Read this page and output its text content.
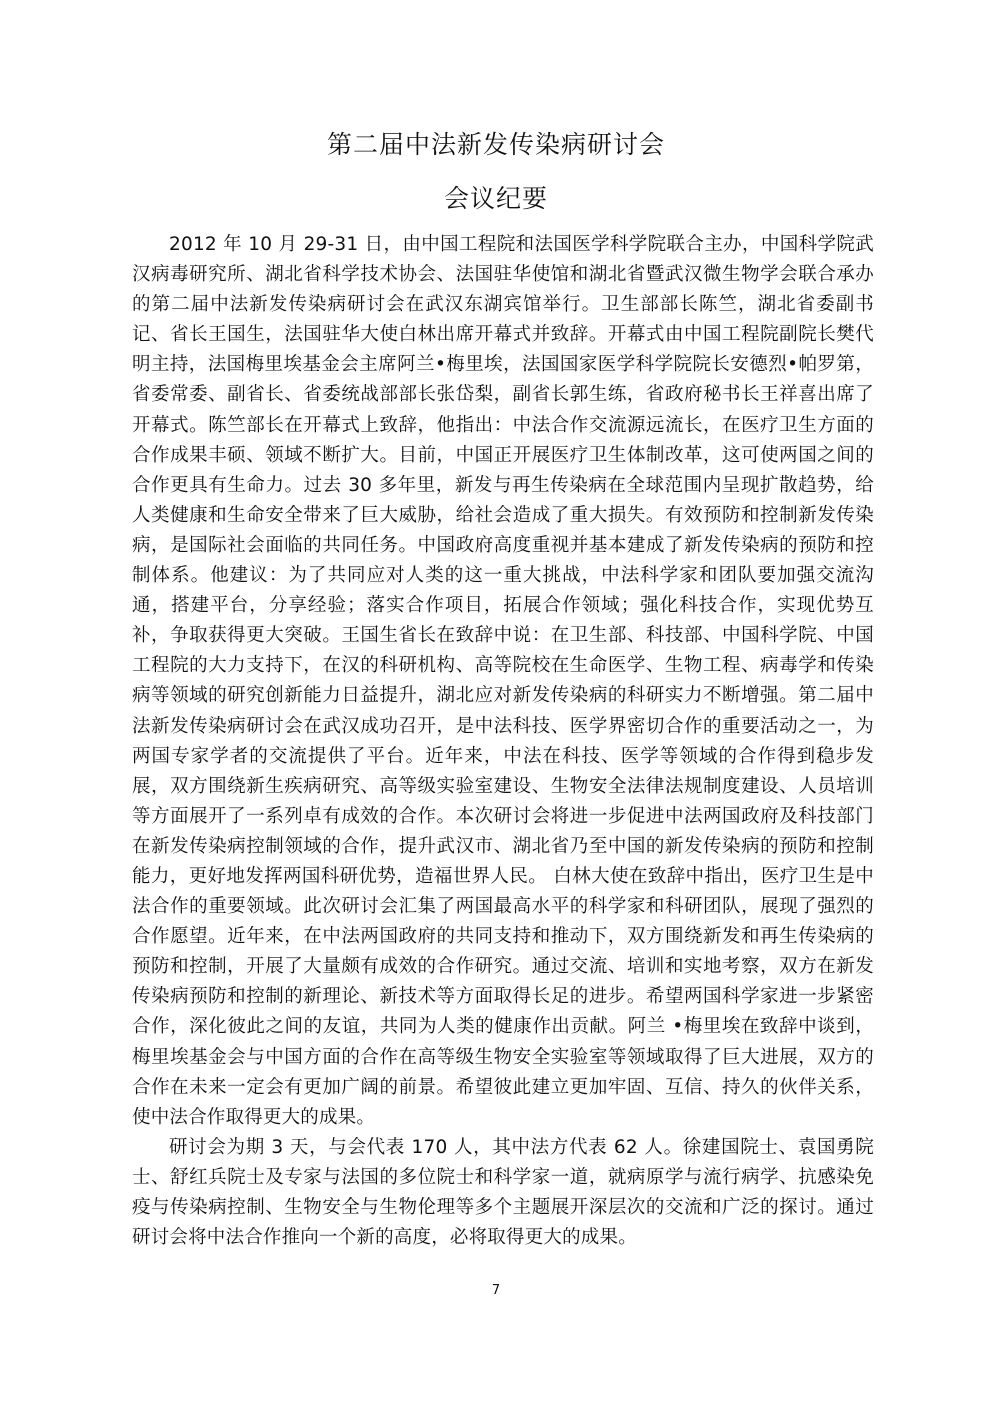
第二届中法新发传染病研讨会
会议纪要

2012 年 10 月 29-31 日，由中国工程院和法国医学科学院联合主办，中国科学院武汉病毒研究所、湖北省科学技术协会、法国驻华使馆和湖北省暨武汉微生物学会联合承办的第二届中法新发传染病研讨会在武汉东湖宾馆举行。卫生部部长陈竺，湖北省委副书记、省长王国生，法国驻华大使白林出席开幕式并致辞。开幕式由中国工程院副院长樊代明主持，法国梅里埃基金会主席阿兰•梅里埃，法国国家医学科学院院长安德烈•帕罗第，省委常委、副省长、省委统战部部长张岱梨，副省长郭生练，省政府秘书长王祥喜出席了开幕式。陈竺部长在开幕式上致辞，他指出：中法合作交流源远流长，在医疗卫生方面的合作成果丰硕、领域不断扩大。目前，中国正开展医疗卫生体制改革，这可使两国之间的合作更具有生命力。过去 30 多年里，新发与再生传染病在全球范围内呈现扩散趋势，给人类健康和生命安全带来了巨大威胁，给社会造成了重大损失。有效预防和控制新发传染病，是国际社会面临的共同任务。中国政府高度重视并基本建成了新发传染病的预防和控制体系。他建议：为了共同应对人类的这一重大挑战，中法科学家和团队要加强交流沟通，搭建平台，分享经验；落实合作项目，拓展合作领域；强化科技合作，实现优势互补，争取获得更大突破。王国生省长在致辞中说：在卫生部、科技部、中国科学院、中国工程院的大力支持下，在汉的科研机构、高等院校在生命医学、生物工程、病毒学和传染病等领域的研究创新能力日益提升，湖北应对新发传染病的科研实力不断增强。第二届中法新发传染病研讨会在武汉成功召开，是中法科技、医学界密切合作的重要活动之一，为两国专家学者的交流提供了平台。近年来，中法在科技、医学等领域的合作得到稳步发展，双方围绕新生疾病研究、高等级实验室建设、生物安全法律法规制度建设、人员培训等方面展开了一系列卓有成效的合作。本次研讨会将进一步促进中法两国政府及科技部门在新发传染病控制领域的合作，提升武汉市、湖北省乃至中国的新发传染病的预防和控制能力，更好地发挥两国科研优势，造福世界人民。 白林大使在致辞中指出，医疗卫生是中法合作的重要领域。此次研讨会汇集了两国最高水平的科学家和科研团队，展现了强烈的合作愿望。近年来，在中法两国政府的共同支持和推动下，双方围绕新发和再生传染病的预防和控制，开展了大量颇有成效的合作研究。通过交流、培训和实地考察，双方在新发传染病预防和控制的新理论、新技术等方面取得长足的进步。希望两国科学家进一步紧密合作，深化彼此之间的友谊，共同为人类的健康作出贡献。阿兰 •梅里埃在致辞中谈到，梅里埃基金会与中国方面的合作在高等级生物安全实验室等领域取得了巨大进展，双方的合作在未来一定会有更加广阔的前景。希望彼此建立更加牢固、互信、持久的伙伴关系，使中法合作取得更大的成果。

研讨会为期 3 天，与会代表 170 人，其中法方代表 62 人。徐建国院士、袁国勇院士、舒红兵院士及专家与法国的多位院士和科学家一道，就病原学与流行病学、抗感染免疫与传染病控制、生物安全与生物伦理等多个主题展开深层次的交流和广泛的探讨。通过研讨会将中法合作推向一个新的高度，必将取得更大的成果。

7
